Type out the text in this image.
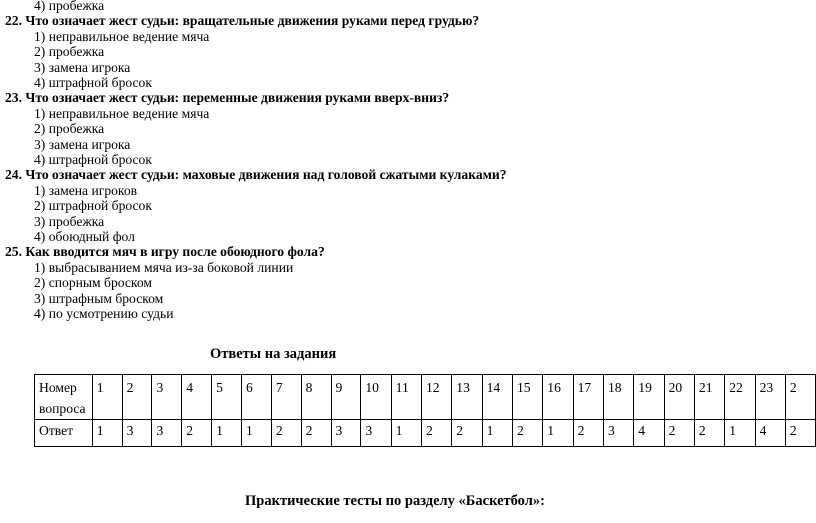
4) пробежка
22. Что означает жест судьи: вращательные движения руками перед грудью?
1) неправильное ведение мяча
2) пробежка
3) замена игрока
4) штрафной бросок
23. Что означает жест судьи: переменные движения руками вверх-вниз?
1) неправильное ведение мяча
2) пробежка
3) замена игрока
4) штрафной бросок
24. Что означает жест судьи: маховые движения над головой сжатыми кулаками?
1) замена игроков
2) штрафной бросок
3) пробежка
4) обоюдный фол
25. Как вводится мяч в игру после обоюдного фола?
1) выбрасыванием мяча из-за боковой линии
2) спорным броском
3) штрафным броском
4) по усмотрению судьи
Ответы на задания
Номер вопроса	1	2	3	4	5	6	7	8	9	10	11	12	13	14	15	16	17	18	19	20	21	22	23	2
Ответ	1	3	3	2	1	1	2	2	3	3	1	2	2	1	2	1	2	3	4	2	2	1	4	2
Практические тесты по разделу «Баскетбол»:
